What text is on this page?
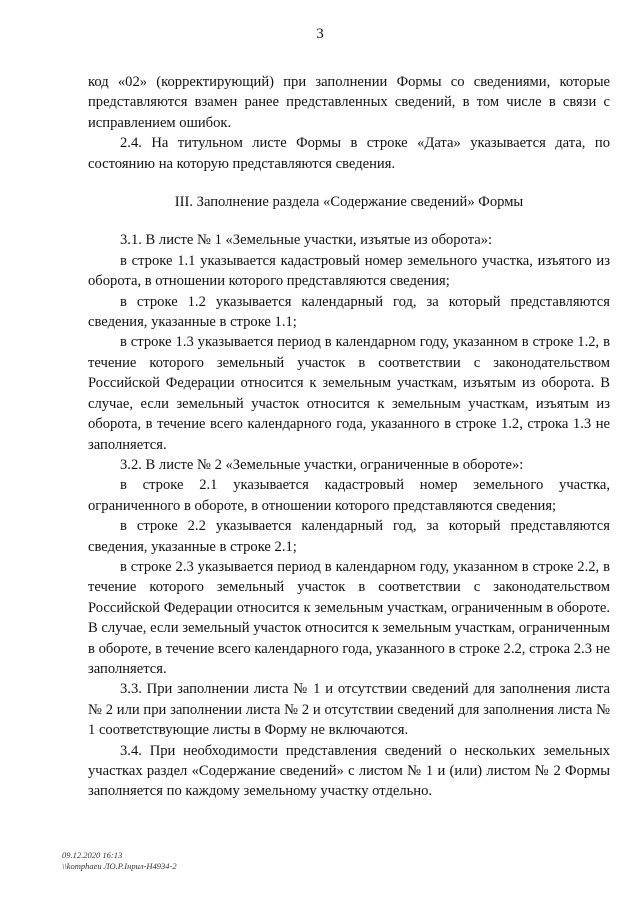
3

код «02» (корректирующий) при заполнении Формы со сведениями, которые представляются взамен ранее представленных сведений, в том числе в связи с исправлением ошибок.

2.4. На титульном листе Формы в строке «Дата» указывается дата, по состоянию на которую представляются сведения.

III. Заполнение раздела «Содержание сведений» Формы

3.1. В листе № 1 «Земельные участки, изъятые из оборота»:

в строке 1.1 указывается кадастровый номер земельного участка, изъятого из оборота, в отношении которого представляются сведения;

в строке 1.2 указывается календарный год, за который представляются сведения, указанные в строке 1.1;

в строке 1.3 указывается период в календарном году, указанном в строке 1.2, в течение которого земельный участок в соответствии с законодательством Российской Федерации относится к земельным участкам, изъятым из оборота. В случае, если земельный участок относится к земельным участкам, изъятым из оборота, в течение всего календарного года, указанного в строке 1.2, строка 1.3 не заполняется.

3.2. В листе № 2 «Земельные участки, ограниченные в обороте»:

в строке 2.1 указывается кадастровый номер земельного участка, ограниченного в обороте, в отношении которого представляются сведения;

в строке 2.2 указывается календарный год, за который представляются сведения, указанные в строке 2.1;

в строке 2.3 указывается период в календарном году, указанном в строке 2.2, в течение которого земельный участок в соответствии с законодательством Российской Федерации относится к земельным участкам, ограниченным в обороте. В случае, если земельный участок относится к земельным участкам, ограниченным в обороте, в течение всего календарного года, указанного в строке 2.2, строка 2.3 не заполняется.

3.3. При заполнении листа № 1 и отсутствии сведений для заполнения листа № 2 или при заполнении листа № 2 и отсутствии сведений для заполнения листа № 1 соответствующие листы в Форму не включаются.

3.4. При необходимости представления сведений о нескольких земельных участках раздел «Содержание сведений» с листом № 1 и (или) листом № 2 Формы заполняется по каждому земельному участку отдельно.

09.12.2020 16:13
\\komphaeu ЛО.Р.Інрил-Н4934-2
